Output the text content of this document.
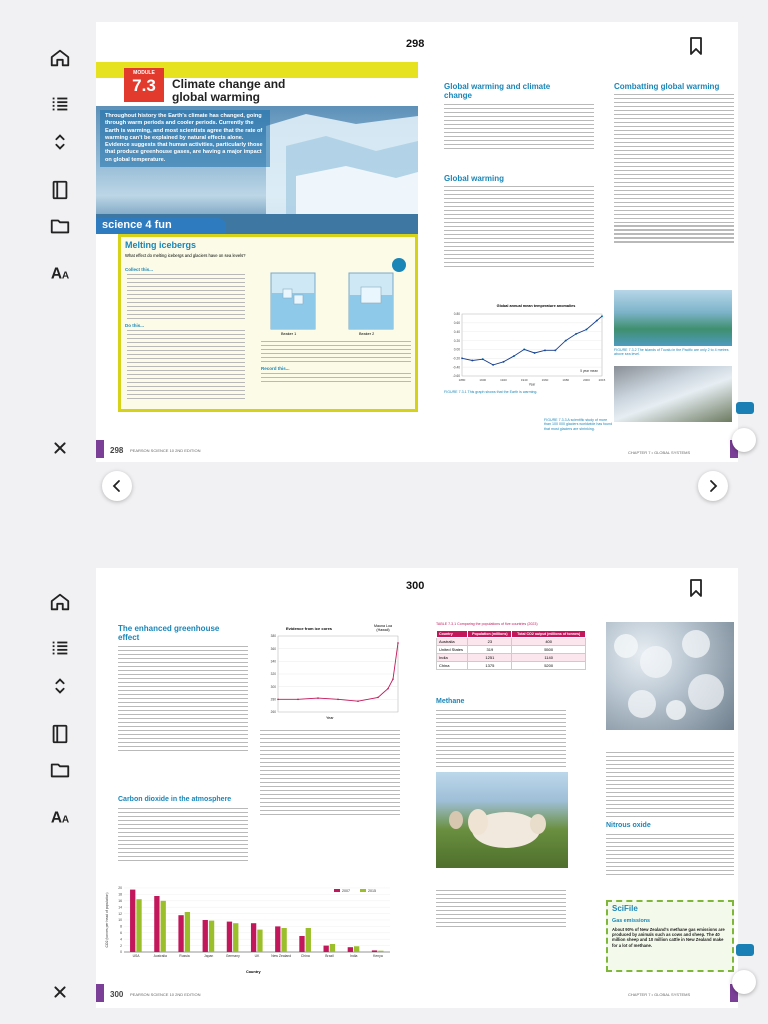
A A
A A
298
MODULE
7.3	Climate change and global warming
Throughout history the Earth's climate has changed, going through warm periods and cooler periods. Currently the Earth is warming, and most scientists agree that the rate of warming can't be explained by natural effects alone. Evidence suggests that human activities, particularly those that produce greenhouse gases, are having a major impact on global temperature.
science 4 fun
Melting icebergs
What effect do melting icebergs and glaciers have on sea levels?
Collect this...
Do this...
Beaker 1	Beaker 2
Record this...
298 PEARSON SCIENCE 10 2ND EDITION
Global warming and climate change
Global warming
Global annual mean temperature anomalies
-0.60
-0.40
-0.20
0.00
0.20
0.40
0.60
0.80
1880	1900	1920	1940	1960	1980	2000	2015
5 year mean
Year
FIGURE 7.3.1 This graph shows that the Earth is warming.
Combatting global warming
FIGURE 7.3.2 The islands of Tuvalu in the Pacific are only 2 to 4 metres above sea level.
FIGURE 7.3.3 A scientific study of more than 100 000 glaciers worldwide has found that most glaciers are shrinking.
CHAPTER 7 • GLOBAL SYSTEMS
300
The enhanced greenhouse effect
Carbon dioxide in the atmosphere
Evidence from ice cores	Mauna Loa (Hawaii)
260
280
300
320
340
360
380
Year
0
2
4
6
8
10
12
14
16
18
20
CO2 (tonnes per head of population)
USA	Australia	Russia	Japan	Germany	UK	New Zealand	China	Brazil	India	Kenya
2007	2015
Country
TABLE 7.3.1 Comparing the populations of five countries (2023)
Country	Population (millions)	Total CO2 output (millions of tonnes)
Australia	23	400
United States	319	5500
India	1251	1140
China	1375	5200
Methane
Nitrous oxide
SciFile
Gas emissions
About 90% of New Zealand's methane gas emissions are produced by animals such as cows and sheep. The 40 million sheep and 10 million cattle in New Zealand make for a lot of methane.
300 PEARSON SCIENCE 10 2ND EDITION	CHAPTER 7 • GLOBAL SYSTEMS
